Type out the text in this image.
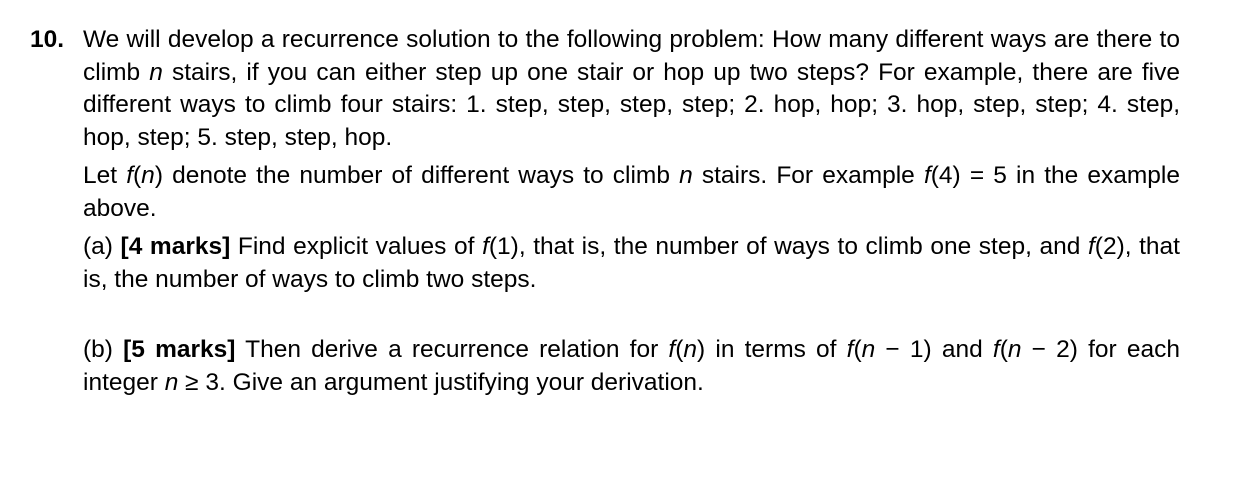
10. We will develop a recurrence solution to the following problem: How many different ways are there to climb n stairs, if you can either step up one stair or hop up two steps? For example, there are five different ways to climb four stairs: 1. step, step, step, step; 2. hop, hop; 3. hop, step, step; 4. step, hop, step; 5. step, step, hop.

Let f(n) denote the number of different ways to climb n stairs. For example f(4) = 5 in the example above.

(a) [4 marks] Find explicit values of f(1), that is, the number of ways to climb one step, and f(2), that is, the number of ways to climb two steps.

(b) [5 marks] Then derive a recurrence relation for f(n) in terms of f(n − 1) and f(n − 2) for each integer n ≥ 3. Give an argument justifying your derivation.
